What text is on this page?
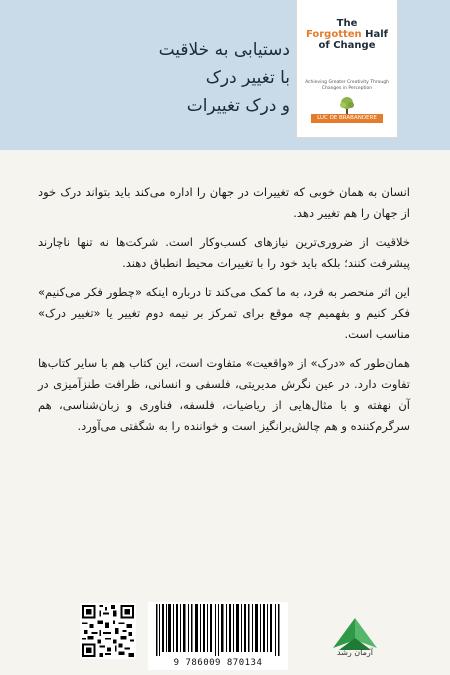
دستیابی به خلاقیت
با تغییر درک
و درک تغییرات
The
Forgotten Half
of Change
Achieving Greater Creativity Through Changes in Perception
LUC DE BRABANDERE

انسان به همان خوبی که تغییرات در جهان را اداره می‌کند باید بتواند درک خود از جهان را هم تغییر دهد.

خلاقیت از ضروری‌ترین نیازهای کسب‌وکار است. شرکت‌ها نه تنها ناچارند پیشرفت کنند؛ بلکه باید خود را با تغییرات محیط انطباق دهند.

این اثر منحصر به فرد، به ما کمک می‌کند تا درباره اینکه «چطور فکر می‌کنیم» فکر کنیم و بفهمیم چه موقع برای تمرکز بر نیمه دوم تغییر یا «تغییر درک» مناسب است.

همان‌طور که «درک» از «واقعیت» متفاوت است، این کتاب هم با سایر کتاب‌ها تفاوت دارد. در عین نگرش مدیریتی، فلسفی و انسانی، ظرافت طنزآمیزی در آن نهفته و با مثال‌هایی از ریاضیات، فلسفه، فناوری و زبان‌شناسی، هم سرگرم‌کننده و هم چالش‌برانگیز است و خواننده را به شگفتی می‌آورد.

9 786009 870134
آرمان رشد
